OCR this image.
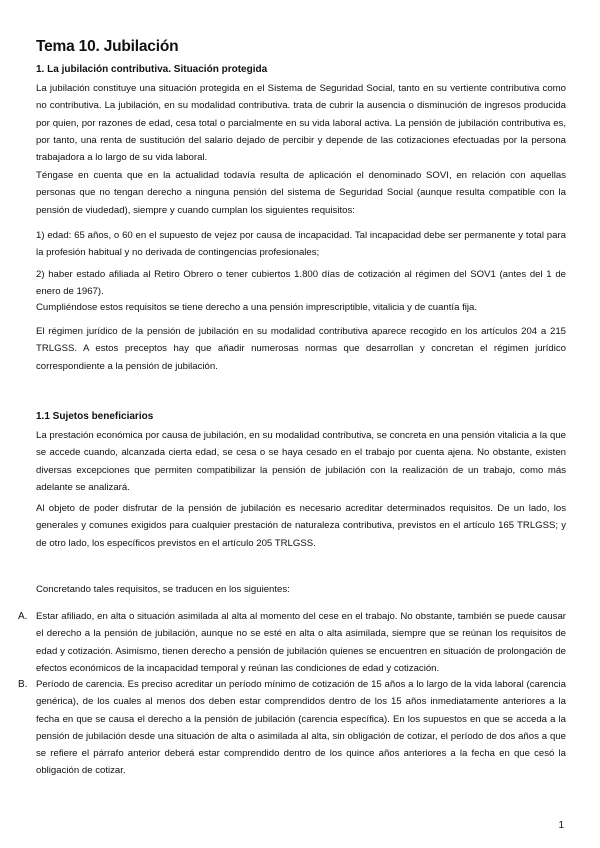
Tema 10. Jubilación
1. La jubilación contributiva. Situación protegida

La jubilación constituye una situación protegida en el Sistema de Seguridad Social, tanto en su vertiente contributiva como no contributiva. La jubilación, en su modalidad contributiva. trata de cubrir la ausencia o disminución de ingresos producida por quien, por razones de edad, cesa total o parcialmente en su vida laboral activa. La pensión de jubilación contributiva es, por tanto, una renta de sustitución del salario dejado de percibir y depende de las cotizaciones efectuadas por la persona trabajadora a lo largo de su vida laboral.

Téngase en cuenta que en la actualidad todavía resulta de aplicación el denominado SOVI, en relación con aquellas personas que no tengan derecho a ninguna pensión del sistema de Seguridad Social (aunque resulta compatible con la pensión de viudedad), siempre y cuando cumplan los siguientes requisitos:

1) edad: 65 años, o 60 en el supuesto de vejez por causa de incapacidad. Tal incapacidad debe ser permanente y total para la profesión habitual y no derivada de contingencias profesionales;

2) haber estado afiliada al Retiro Obrero o tener cubiertos 1.800 días de cotización al régimen del SOV1 (antes del 1 de enero de 1967).

Cumpliéndose estos requisitos se tiene derecho a una pensión imprescriptible, vitalicia y de cuantía fija.

El régimen jurídico de la pensión de jubilación en su modalidad contributiva aparece recogido en los artículos 204 a 215 TRLGSS. A estos preceptos hay que añadir numerosas normas que desarrollan y concretan el régimen jurídico correspondiente a la pensión de jubilación.

1.1 Sujetos beneficiarios

La prestación económica por causa de jubilación, en su modalidad contributiva, se concreta en una pensión vitalicia a la que se accede cuando, alcanzada cierta edad, se cesa o se haya cesado en el trabajo por cuenta ajena. No obstante, existen diversas excepciones que permiten compatibilizar la pensión de jubilación con la realización de un trabajo, como más adelante se analizará.

Al objeto de poder disfrutar de la pensión de jubilación es necesario acreditar determinados requisitos. De un lado, los generales y comunes exigidos para cualquier prestación de naturaleza contributiva, previstos en el artículo 165 TRLGSS; y de otro lado, los específicos previstos en el artículo 205 TRLGSS.

Concretando tales requisitos, se traducen en los siguientes:

A. Estar afiliado, en alta o situación asimilada al alta al momento del cese en el trabajo. No obstante, también se puede causar el derecho a la pensión de jubilación, aunque no se esté en alta o alta asimilada, siempre que se reúnan los requisitos de edad y cotización. Asimismo, tienen derecho a pensión de jubilación quienes se encuentren en situación de prolongación de efectos económicos de la incapacidad temporal y reúnan las condiciones de edad y cotización.
B. Período de carencia. Es preciso acreditar un período mínimo de cotización de 15 años a lo largo de la vida laboral (carencia genérica), de los cuales al menos dos deben estar comprendidos dentro de los 15 años inmediatamente anteriores a la fecha en que se causa el derecho a la pensión de jubilación (carencia específica). En los supuestos en que se acceda a la pensión de jubilación desde una situación de alta o asimilada al alta, sin obligación de cotizar, el período de dos años a que se refiere el párrafo anterior deberá estar comprendido dentro de los quince años anteriores a la fecha en que cesó la obligación de cotizar.
1
